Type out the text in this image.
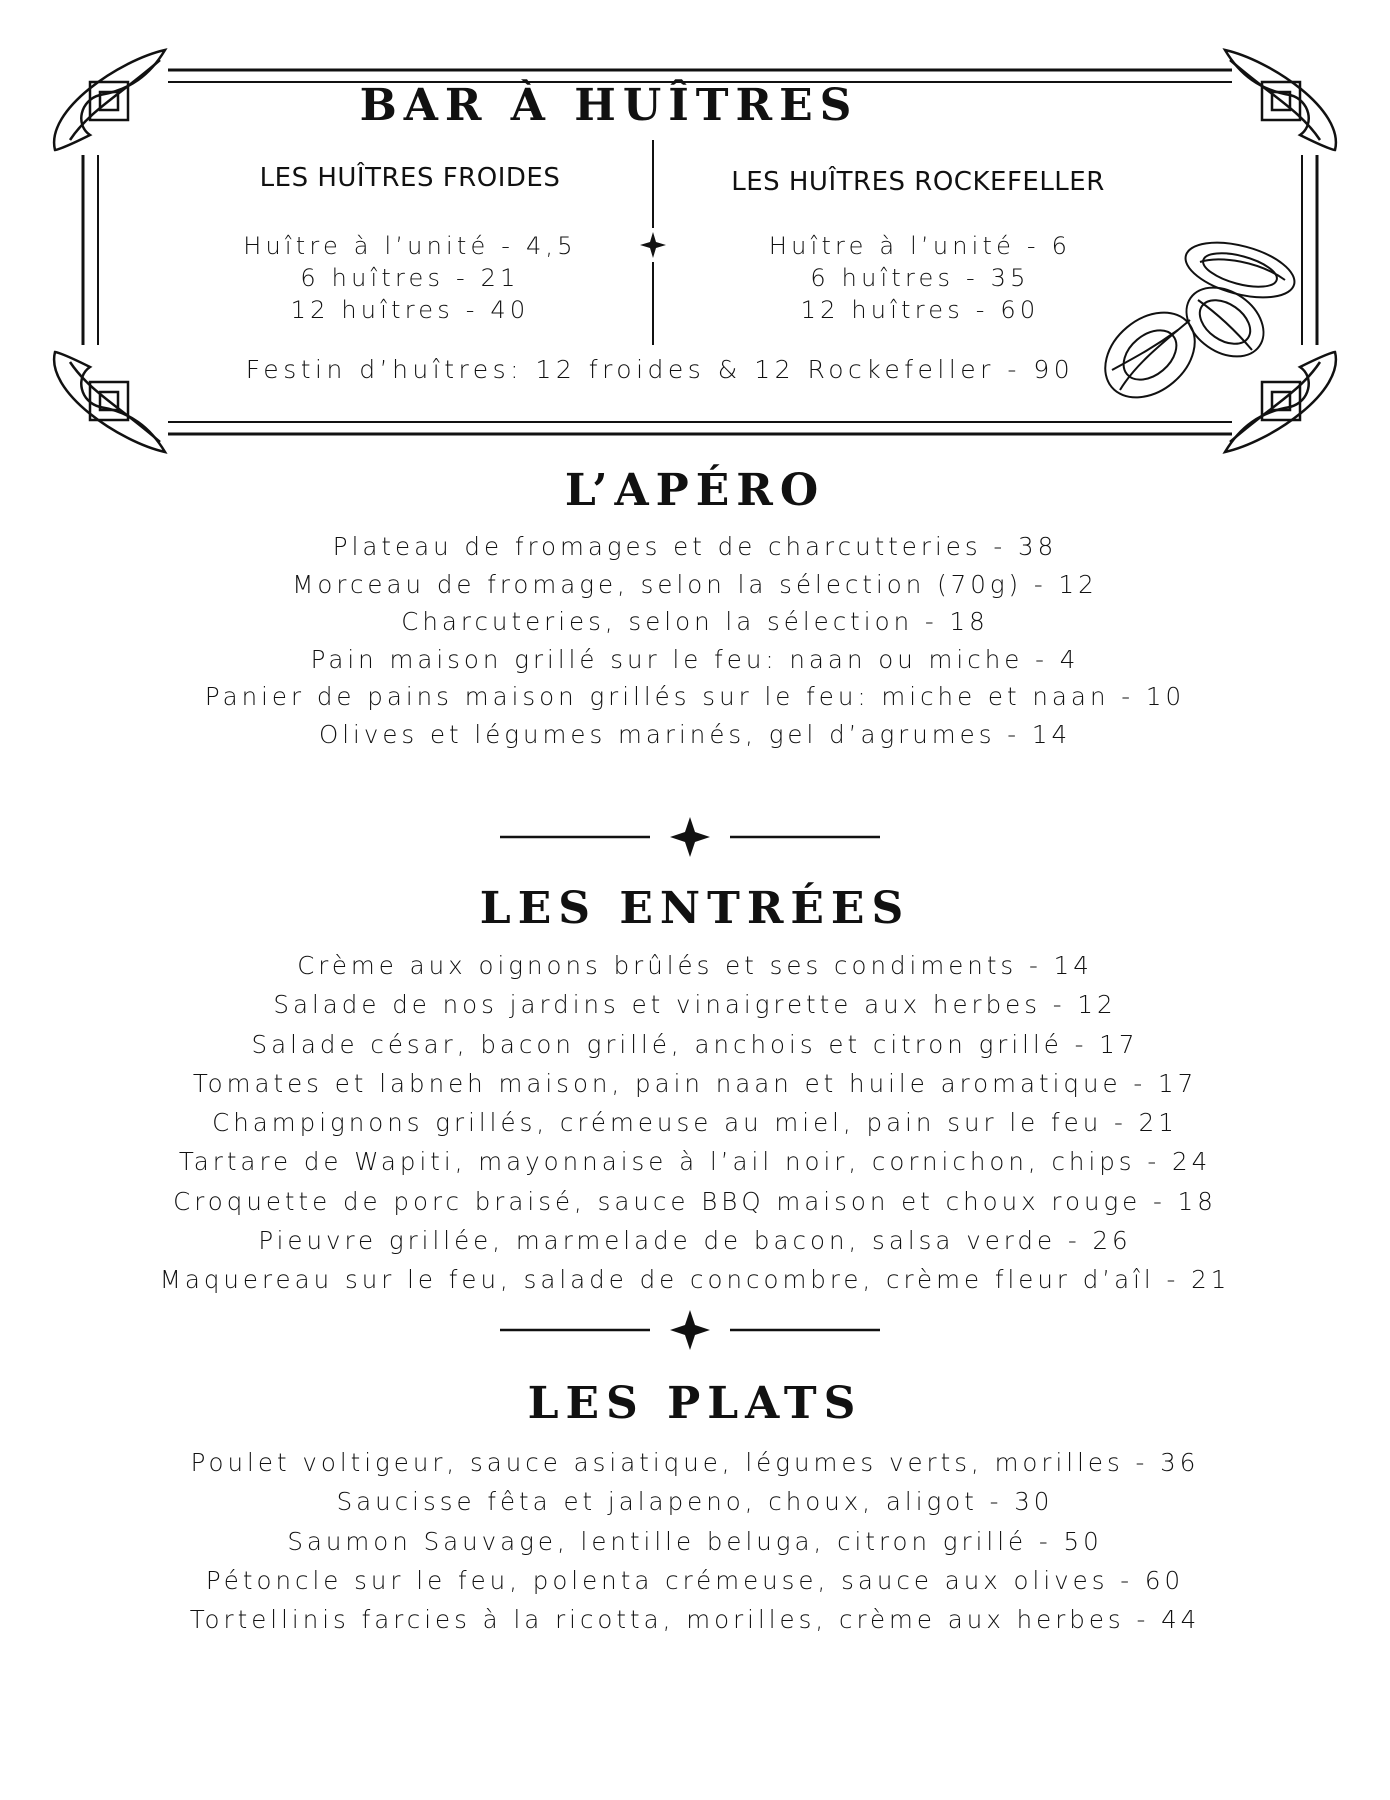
BAR À HUÎTRES
LES HUÎTRES FROIDES	LES HUÎTRES ROCKEFELLER
Huître à l’unité - 4,5
6 huîtres - 21
12 huîtres - 40
Huître à l’unité - 6
6 huîtres - 35
12 huîtres - 60
Festin d’huîtres: 12 froides & 12 Rockefeller - 90
L’APÉRO
Plateau de fromages et de charcutteries - 38
Morceau de fromage, selon la sélection (70g) - 12
Charcuteries, selon la sélection - 18
Pain maison grillé sur le feu: naan ou miche - 4
Panier de pains maison grillés sur le feu: miche et naan - 10
Olives et légumes marinés, gel d’agrumes - 14
LES ENTRÉES
Crème aux oignons brûlés et ses condiments - 14
Salade de nos jardins et vinaigrette aux herbes - 12
Salade césar, bacon grillé, anchois et citron grillé - 17
Tomates et labneh maison, pain naan et huile aromatique - 17
Champignons grillés, crémeuse au miel, pain sur le feu - 21
Tartare de Wapiti, mayonnaise à l’ail noir, cornichon, chips - 24
Croquette de porc braisé, sauce BBQ maison et choux rouge - 18
Pieuvre grillée, marmelade de bacon, salsa verde - 26
Maquereau sur le feu, salade de concombre, crème fleur d’aîl - 21
LES PLATS
Poulet voltigeur, sauce asiatique, légumes verts, morilles - 36
Saucisse fêta et jalapeno, choux, aligot - 30
Saumon Sauvage, lentille beluga, citron grillé - 50
Pétoncle sur le feu, polenta crémeuse, sauce aux olives - 60
Tortellinis farcies à la ricotta, morilles, crème aux herbes - 44
